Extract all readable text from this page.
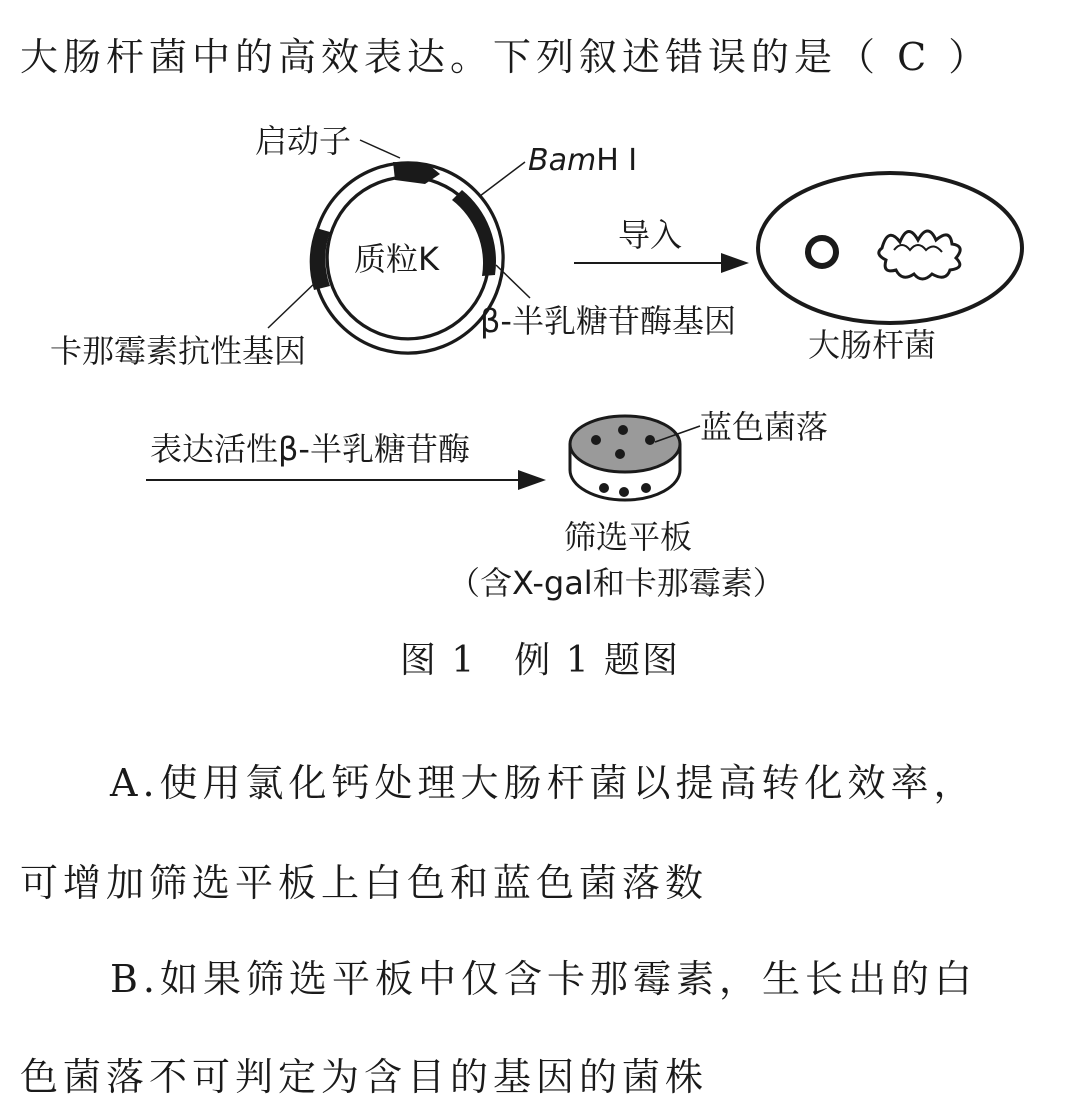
大肠杆菌中的高效表达。下列叙述错误的是（ C ）
启动子
BamH Ⅰ
质粒K
卡那霉素抗性基因
β-半乳糖苷酶基因
导入
大肠杆菌
表达活性β-半乳糖苷酶
蓝色菌落
筛选平板
（含X-gal和卡那霉素）
图 1　例 1 题图
A.使用氯化钙处理大肠杆菌以提高转化效率，
可增加筛选平板上白色和蓝色菌落数
B.如果筛选平板中仅含卡那霉素，生长出的白
色菌落不可判定为含目的基因的菌株
